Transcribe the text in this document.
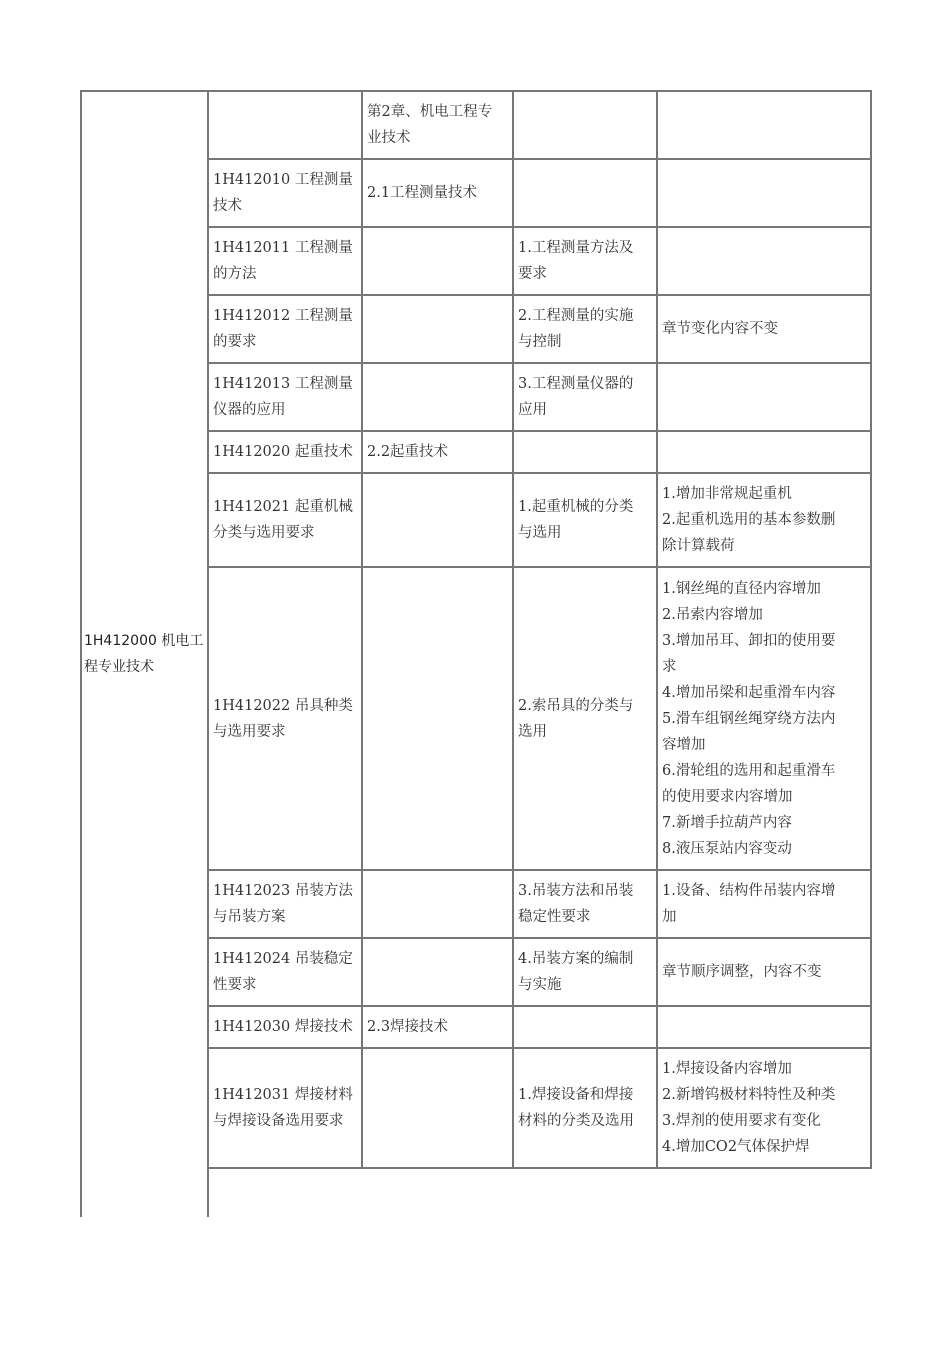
1H412000 机电工
程专业技术
第2章、机电工程专
业技术
1H412010 工程测量
技术
2.1工程测量技术
1H412011 工程测量
的方法
1.工程测量方法及
要求
1H412012 工程测量
的要求
2.工程测量的实施
与控制
章节变化内容不变
1H412013 工程测量
仪器的应用
3.工程测量仪器的
应用
1H412020 起重技术 2.2起重技术
1H412021 起重机械
分类与选用要求
1.起重机械的分类
与选用
1.增加非常规起重机
2.起重机选用的基本参数删
除计算载荷
1H412022 吊具种类
与选用要求
2.索吊具的分类与
选用
1.钢丝绳的直径内容增加
2.吊索内容增加
3.增加吊耳、卸扣的使用要
求
4.增加吊梁和起重滑车内容
5.滑车组钢丝绳穿绕方法内
容增加
6.滑轮组的选用和起重滑车
的使用要求内容增加
7.新增手拉葫芦内容
8.液压泵站内容变动
1H412023 吊装方法
与吊装方案
3.吊装方法和吊装
稳定性要求
1.设备、结构件吊装内容增
加
1H412024 吊装稳定
性要求
4.吊装方案的编制
与实施
章节顺序调整，内容不变
1H412030 焊接技术 2.3焊接技术
1H412031 焊接材料
与焊接设备选用要求
1.焊接设备和焊接
材料的分类及选用
1.焊接设备内容增加
2.新增钨极材料特性及种类
3.焊剂的使用要求有变化
4.增加CO2气体保护焊
